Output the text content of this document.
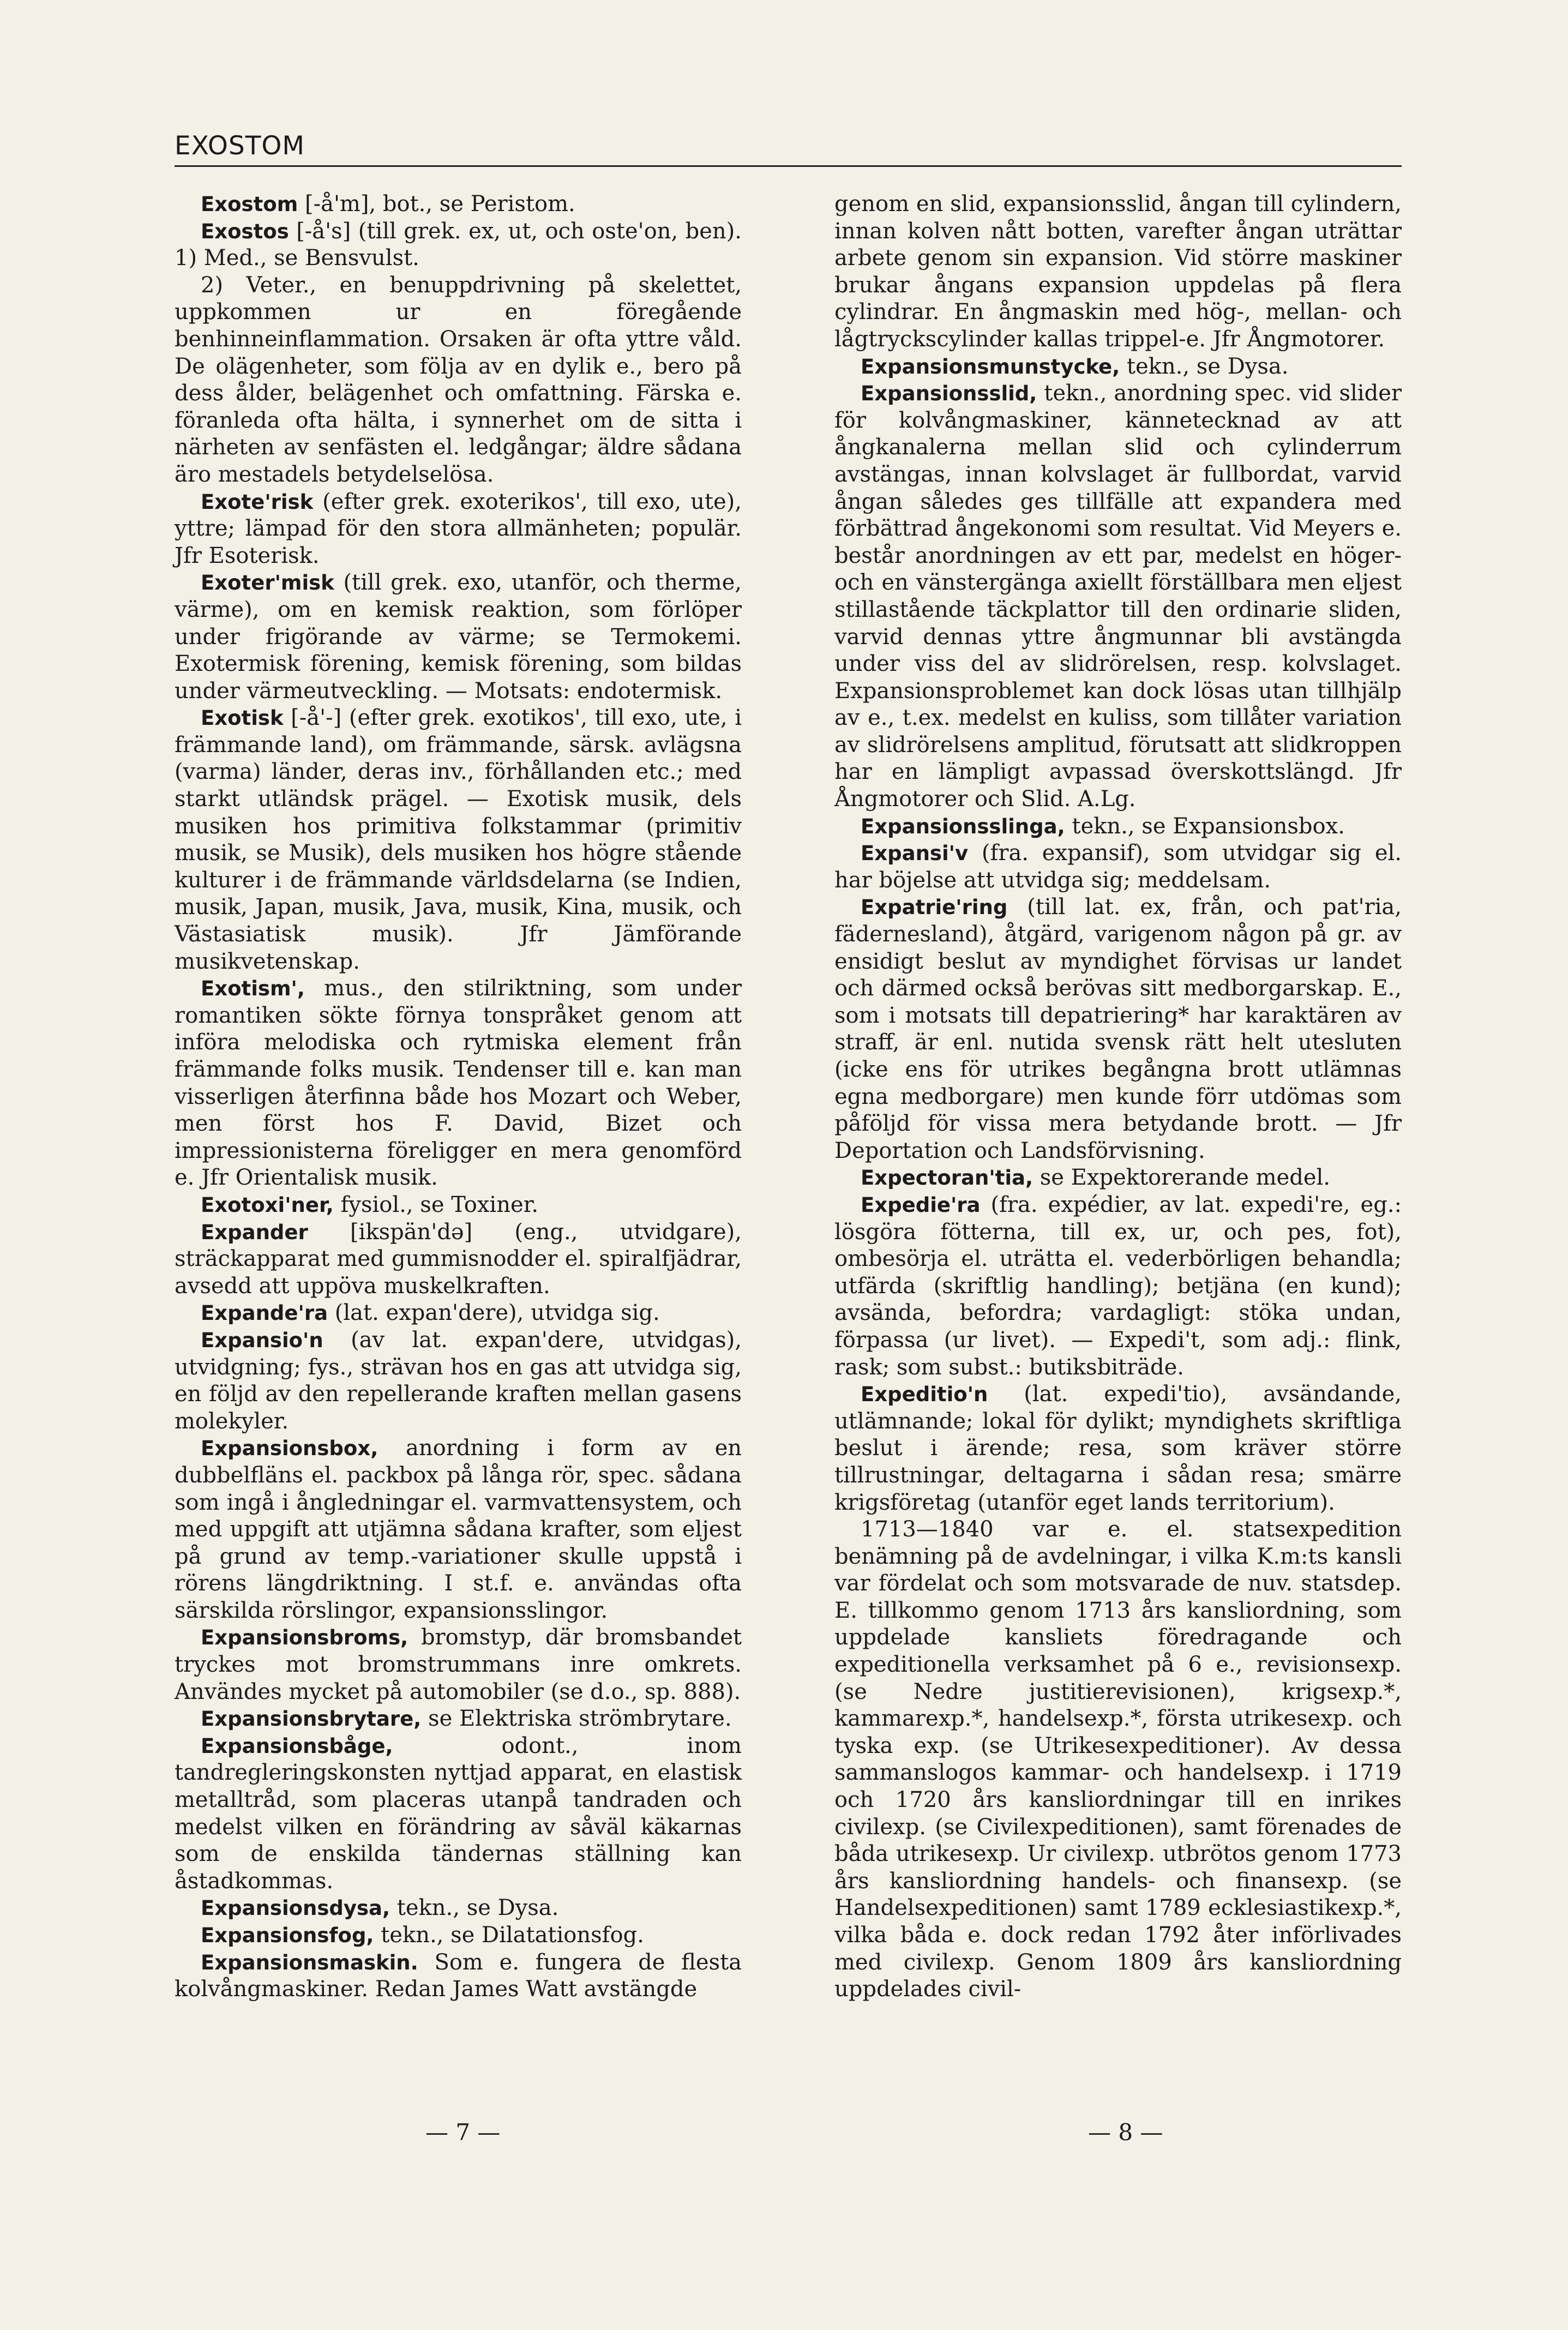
EXOSTOM

Exostom [-å'm], bot., se Peristom.

Exostos [-å's] (till grek. ex, ut, och oste'on, ben). 1) Med., se Bensvulst.

2) Veter., en benuppdrivning på skelettet, uppkommen ur en föregående benhinneinflammation. Orsaken är ofta yttre våld. De olägenheter, som följa av en dylik e., bero på dess ålder, belägenhet och omfattning. Färska e. föranleda ofta hälta, i synnerhet om de sitta i närheten av senfästen el. ledgångar; äldre sådana äro mestadels betydelselösa.

Exote'risk (efter grek. exoterikos', till exo, ute), yttre; lämpad för den stora allmänheten; populär. Jfr Esoterisk.

Exoter'misk (till grek. exo, utanför, och therme, värme), om en kemisk reaktion, som förlöper under frigörande av värme; se Termokemi. Exotermisk förening, kemisk förening, som bildas under värmeutveckling. — Motsats: endotermisk.

Exotisk [-å'-] (efter grek. exotikos', till exo, ute, i främmande land), om främmande, särsk. avlägsna (varma) länder, deras inv., förhållanden etc.; med starkt utländsk prägel. — Exotisk musik, dels musiken hos primitiva folkstammar (primitiv musik, se Musik), dels musiken hos högre stående kulturer i de främmande världsdelarna (se Indien, musik, Japan, musik, Java, musik, Kina, musik, och Västasiatisk musik). Jfr Jämförande musikvetenskap.

Exotism', mus., den stilriktning, som under romantiken sökte förnya tonspråket genom att införa melodiska och rytmiska element från främmande folks musik. Tendenser till e. kan man visserligen återfinna både hos Mozart och Weber, men först hos F. David, Bizet och impressionisterna föreligger en mera genomförd e. Jfr Orientalisk musik.

Exotoxi'ner, fysiol., se Toxiner.

Expander [ikspän'də] (eng., utvidgare), sträckapparat med gummisnodder el. spiralfjädrar, avsedd att uppöva muskelkraften.

Expande'ra (lat. expan'dere), utvidga sig.

Expansio'n (av lat. expan'dere, utvidgas), utvidgning; fys., strävan hos en gas att utvidga sig, en följd av den repellerande kraften mellan gasens molekyler.

Expansionsbox, anordning i form av en dubbelfläns el. packbox på långa rör, spec. sådana som ingå i ångledningar el. varmvattensystem, och med uppgift att utjämna sådana krafter, som eljest på grund av temp.-variationer skulle uppstå i rörens längdriktning. I st.f. e. användas ofta särskilda rörslingor, expansionsslingor.

Expansionsbroms, bromstyp, där bromsbandet tryckes mot bromstrummans inre omkrets. Användes mycket på automobiler (se d.o., sp. 888).

Expansionsbrytare, se Elektriska strömbrytare.

Expansionsbåge,	odont., inom tandregleringskonsten nyttjad apparat, en elastisk metalltråd, som placeras utanpå tandraden och medelst vilken en förändring av såväl käkarnas som de enskilda tändernas ställning kan åstadkommas.

Expansionsdysa, tekn., se Dysa.

Expansionsfog, tekn., se Dilatationsfog.

Expansionsmaskin. Som e. fungera de flesta kolvångmaskiner. Redan James Watt avstängde

genom en slid, expansionsslid, ångan till cylindern, innan kolven nått botten, varefter ångan uträttar arbete genom sin expansion. Vid större maskiner brukar ångans expansion uppdelas på flera cylindrar. En ångmaskin med hög-, mellan- och lågtryckscylinder kallas trippel-e. Jfr Ångmotorer.

Expansionsmunstycke, tekn., se Dysa.

Expansionsslid, tekn., anordning spec. vid slider för kolvångmaskiner, kännetecknad av att ångkanalerna mellan slid och cylinderrum avstängas, innan kolvslaget är fullbordat, varvid ångan således ges tillfälle att expandera med förbättrad ångekonomi som resultat. Vid Meyers e. består anordningen av ett par, medelst en höger- och en vänstergänga axiellt förställbara men eljest stillastående täckplattor till den ordinarie sliden, varvid dennas yttre ångmunnar bli avstängda under viss del av slidrörelsen, resp. kolvslaget. Expansionsproblemet kan dock lösas utan tillhjälp av e., t.ex. medelst en kuliss, som tillåter variation av slidrörelsens amplitud, förutsatt att slidkroppen har en lämpligt avpassad överskottslängd. Jfr Ångmotorer och Slid. A.Lg.

Expansionsslinga, tekn., se Expansionsbox.

Expansi'v (fra. expansif), som utvidgar sig el. har böjelse att utvidga sig; meddelsam.

Expatrie'ring (till lat. ex, från, och pat'ria, fädernesland), åtgärd, varigenom någon på gr. av ensidigt beslut av myndighet förvisas ur landet och därmed också berövas sitt medborgarskap. E., som i motsats till depatriering* har karaktären av straff, är enl. nutida svensk rätt helt utesluten (icke ens för utrikes begångna brott utlämnas egna medborgare) men kunde förr utdömas som påföljd för vissa mera betydande brott. — Jfr Deportation och Landsförvisning.

Expectoran'tia, se Expektorerande medel.

Expedie'ra (fra. expédier, av lat. expedi're, eg.: lösgöra fötterna, till ex, ur, och pes, fot), ombesörja el. uträtta el. vederbörligen behandla; utfärda (skriftlig handling); betjäna (en kund); avsända, befordra; vardagligt: stöka undan, förpassa (ur livet). — Expedi't, som adj.: flink, rask; som subst.: butiksbiträde.

Expeditio'n (lat. expedi'tio), avsändande, utlämnande; lokal för dylikt; myndighets skriftliga beslut i ärende; resa, som kräver större tillrustningar, deltagarna i sådan resa; smärre krigsföretag (utanför eget lands territorium).

1713—1840 var e. el. statsexpedition benämning på de avdelningar, i vilka K.m:ts kansli var fördelat och som motsvarade de nuv. statsdep. E. tillkommo genom 1713 års kansliordning, som uppdelade kansliets föredragande och expeditionella verksamhet på 6 e., revisionsexp. (se Nedre justitierevisionen), krigsexp.*, kammarexp.*, handelsexp.*, första utrikesexp. och tyska exp. (se Utrikesexpeditioner). Av dessa sammanslogos kammar- och handelsexp. i 1719 och 1720 års kansliordningar till en inrikes civilexp. (se Civilexpeditionen), samt förenades de båda utrikesexp. Ur civilexp. utbrötos genom 1773 års kansliordning handels- och finansexp. (se Handelsexpeditionen) samt 1789 ecklesiastikexp.*, vilka båda e. dock redan 1792 åter införlivades med civilexp. Genom 1809 års kansliordning uppdelades civil-

— 7 —	— 8 —
